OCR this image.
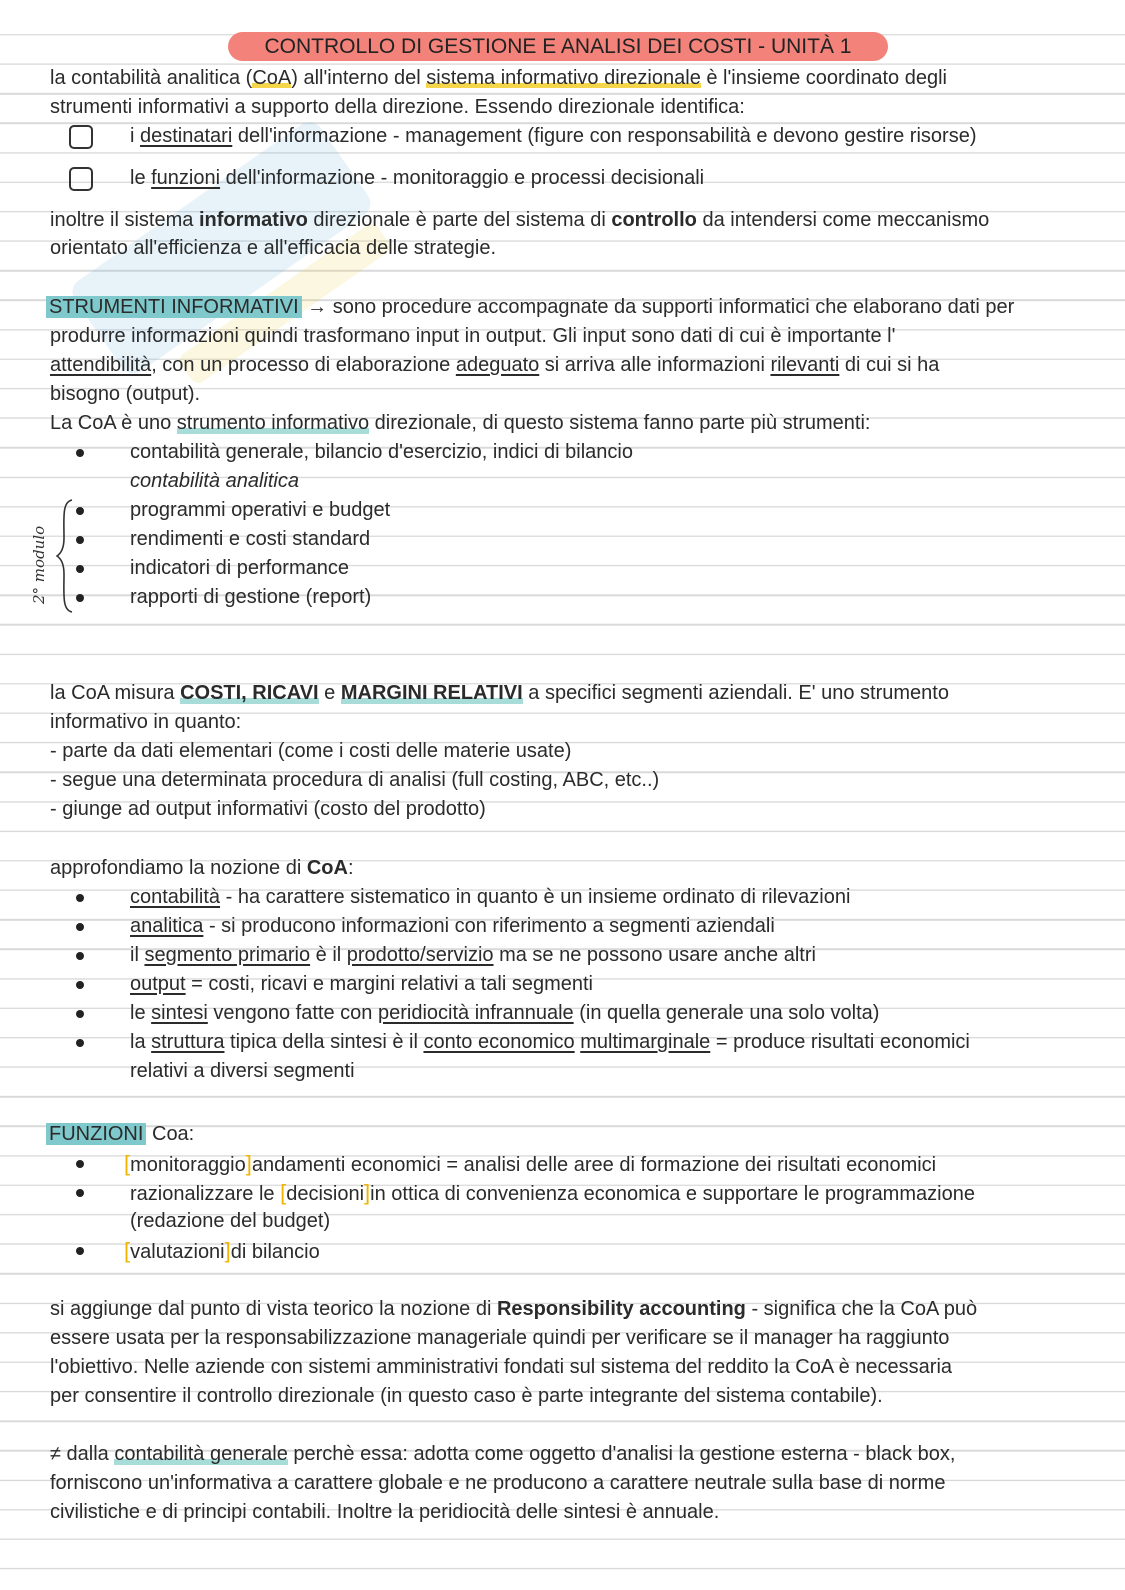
CONTROLLO DI GESTIONE E ANALISI DEI COSTI - UNITÀ 1
la contabilità analitica (CoA) all'interno del sistema informativo direzionale è l'insieme coordinato degli
strumenti informativi a supporto della direzione. Essendo direzionale identifica:
i destinatari dell'informazione - management (figure con responsabilità e devono gestire risorse)
le funzioni dell'informazione - monitoraggio e processi decisionali
inoltre il sistema informativo direzionale è parte del sistema di controllo da intendersi come meccanismo
orientato all'efficienza e all'efficacia delle strategie.
STRUMENTI INFORMATIVI → sono procedure accompagnate da supporti informatici che elaborano dati per
produrre informazioni quindi trasformano input in output. Gli input sono dati di cui è importante l'
attendibilità, con un processo di elaborazione adeguato si arriva alle informazioni rilevanti di cui si ha
bisogno (output).
La CoA è uno strumento informativo direzionale, di questo sistema fanno parte più strumenti:
contabilità generale, bilancio d'esercizio, indici di bilancio
contabilità analitica
programmi operativi e budget
rendimenti e costi standard
indicatori di performance
rapporti di gestione (report)
2° modulo
la CoA misura COSTI, RICAVI e MARGINI RELATIVI a specifici segmenti aziendali. E' uno strumento
informativo in quanto:
- parte da dati elementari (come i costi delle materie usate)
- segue una determinata procedura di analisi (full costing, ABC, etc..)
- giunge ad output informativi (costo del prodotto)
approfondiamo la nozione di CoA:
contabilità - ha carattere sistematico in quanto è un insieme ordinato di rilevazioni
analitica - si producono informazioni con riferimento a segmenti aziendali
il segmento primario è il prodotto/servizio ma se ne possono usare anche altri
output = costi, ricavi e margini relativi a tali segmenti
le sintesi vengono fatte con peridiocità infrannuale (in quella generale una solo volta)
la struttura tipica della sintesi è il conto economico multimarginale = produce risultati economici
relativi a diversi segmenti
FUNZIONI Coa:
[monitoraggio]andamenti economici = analisi delle aree di formazione dei risultati economici
razionalizzare le [decisioni]in ottica di convenienza economica e supportare le programmazione
(redazione del budget)
[valutazioni]di bilancio
si aggiunge dal punto di vista teorico la nozione di Responsibility accounting - significa che la CoA può
essere usata per la responsabilizzazione manageriale quindi per verificare se il manager ha raggiunto
l'obiettivo. Nelle aziende con sistemi amministrativi fondati sul sistema del reddito la CoA è necessaria
per consentire il controllo direzionale (in questo caso è parte integrante del sistema contabile).
≠ dalla contabilità generale perchè essa: adotta come oggetto d'analisi la gestione esterna - black box,
forniscono un'informativa a carattere globale e ne producono a carattere neutrale sulla base di norme
civilistiche e di principi contabili. Inoltre la peridiocità delle sintesi è annuale.
